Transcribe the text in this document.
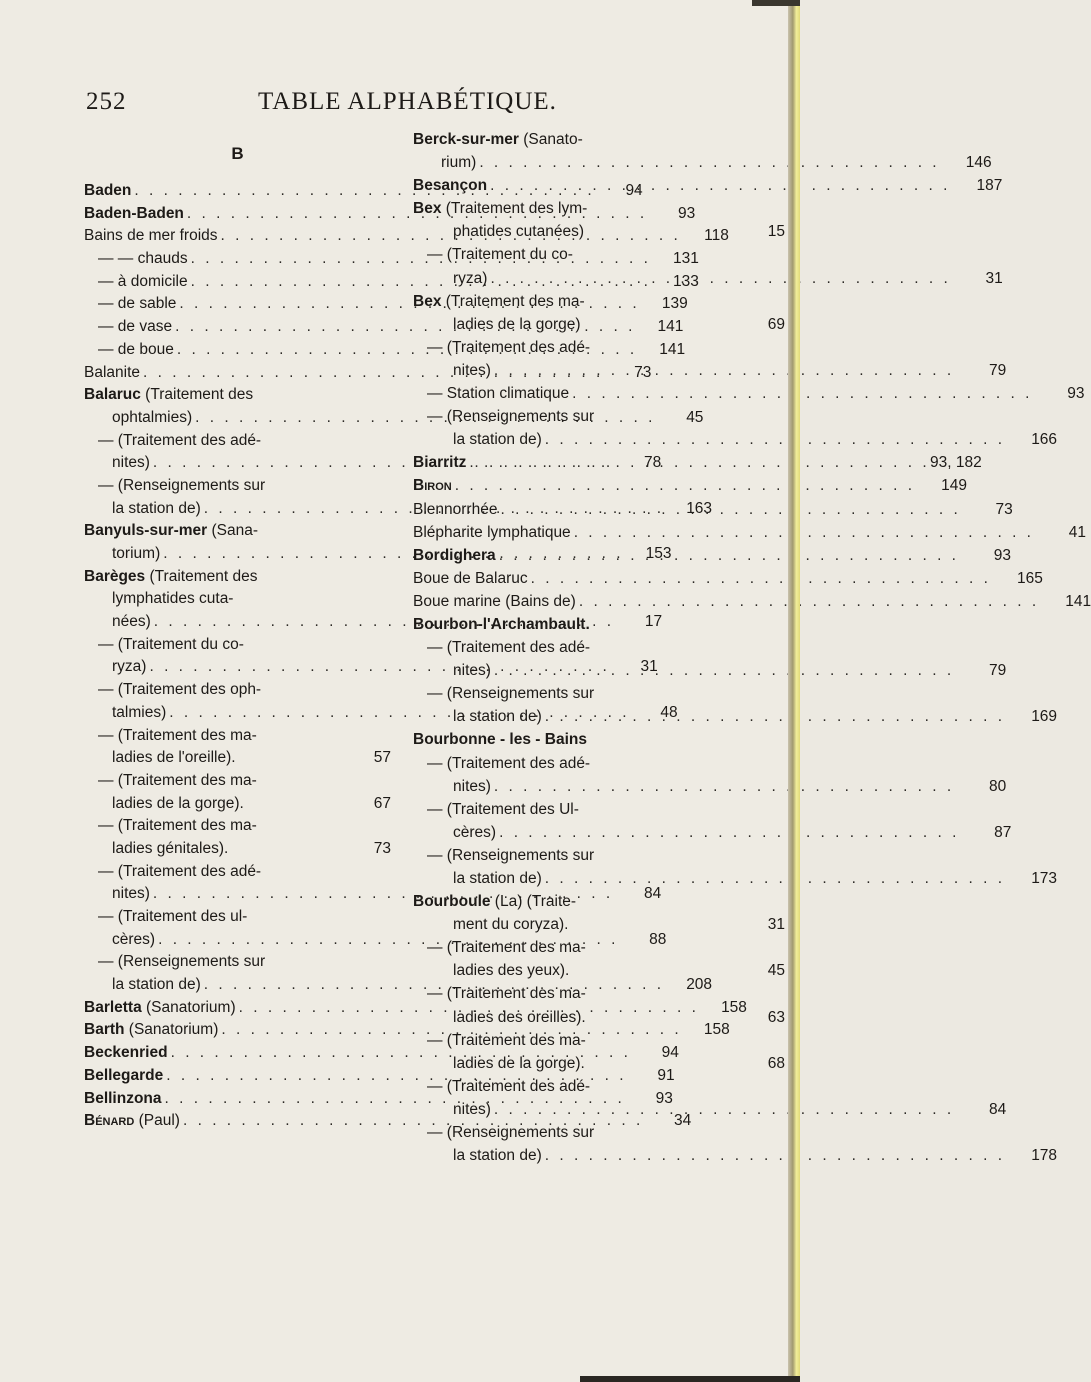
252	TABLE ALPHABÉTIQUE.
B
Baden . . .	94
Baden-Baden . . .	93
Bains de mer froids . . .	118
— — chauds . . .	131
— à domicile . . .	133
— de sable . . .	139
— de vase . . .	141
— de boue . . .	141
Balanite . . .	73
Balaruc (Traitement des
ophtalmies) . . .	45
— (Traitement des adé-
nites) . . .	78
— (Renseignements sur
la station de) . . .	163
Banyuls-sur-mer (Sana-
torium) . . .	153
Barèges (Traitement des
lymphatides cuta-
nées) . . .	17
— (Traitement du co-
ryza) . . .	31
— (Traitement des oph-
talmies) . . .	48
— (Traitement des ma-
ladies de l'oreille).	57
— (Traitement des ma-
ladies de la gorge).	67
— (Traitement des ma-
ladies génitales).	73
— (Traitement des adé-
nites) . . .	84
— (Traitement des ul-
cères) . . .	88
— (Renseignements sur
la station de) . . .	208
Barletta (Sanatorium) . . .	158
Barth (Sanatorium) . . .	158
Beckenried . . .	94
Bellegarde . . .	91
Bellinzona . . .	93
Bénard (Paul) . . .	34
Berck-sur-mer (Sanato-
rium) . . .	146
Besançon . . .	187
Bex (Traitement des lym-
phatides cutanées)	15
— (Traitement du co-
ryza) . . .	31
Bex (Traitement des ma-
ladies de la gorge)	69
— (Traitement des adé-
nites) . . .	79
— Station climatique . . .	93
— (Renseignements sur
la station de) . . .	166
Biarritz . . .	93, 182
Biron . . .	149
Blennorrhée . . .	73
Blépharite lymphatique . . .	41
Bordighera . . .	93
Boue de Balaruc . . .	165
Boue marine (Bains de) . . .	141
Bourbon-l'Archambault.
— (Traitement des adé-
nites) . . .	79
— (Renseignements sur
la station de) . . .	169
Bourbonne - les - Bains
— (Traitement des adé-
nites) . . .	80
— (Traitement des Ul-
cères) . . .	87
— (Renseignements sur
la station de) . . .	173
Bourboule (La) (Traite-
ment du coryza).	31
— (Traitement des ma-
ladies des yeux).	45
— (Traitement des ma-
ladies des oreilles).	63
— (Traitement des ma-
ladies de la gorge).	68
— (Traitement des adé-
nites) . . .	84
— (Renseignements sur
la station de) . . .	178
